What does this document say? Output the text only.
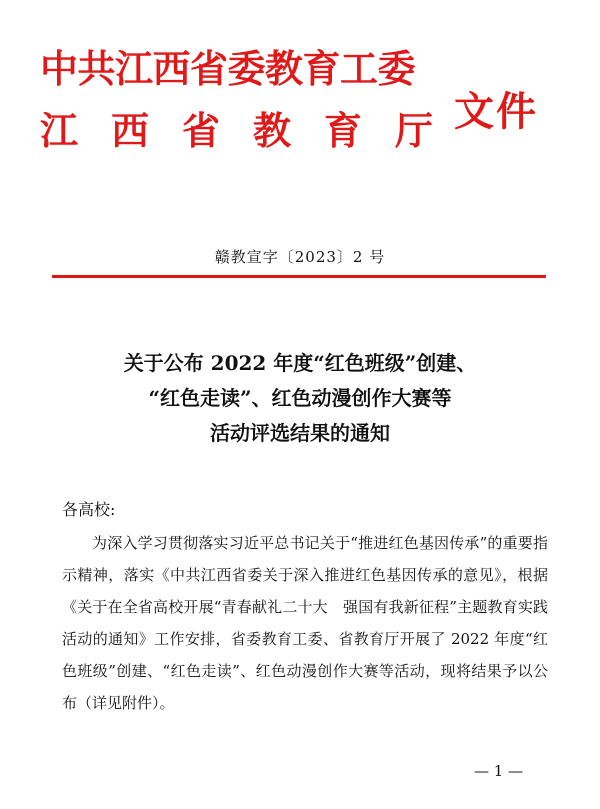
中共江西省委教育工委
江西省教育厅
文件
赣教宣字〔2023〕2 号
关于公布 2022 年度“红色班级”创建、
“红色走读”、红色动漫创作大赛等
活动评选结果的通知
各高校:

为深入学习贯彻落实习近平总书记关于“推进红色基因传承”的重要指示精神，落实《中共江西省委关于深入推进红色基因传承的意见》，根据《关于在全省高校开展“青春献礼二十大　强国有我新征程”主题教育实践活动的通知》工作安排，省委教育工委、省教育厅开展了 2022 年度“红色班级”创建、“红色走读”、红色动漫创作大赛等活动，现将结果予以公布（详见附件）。

— 1 —
